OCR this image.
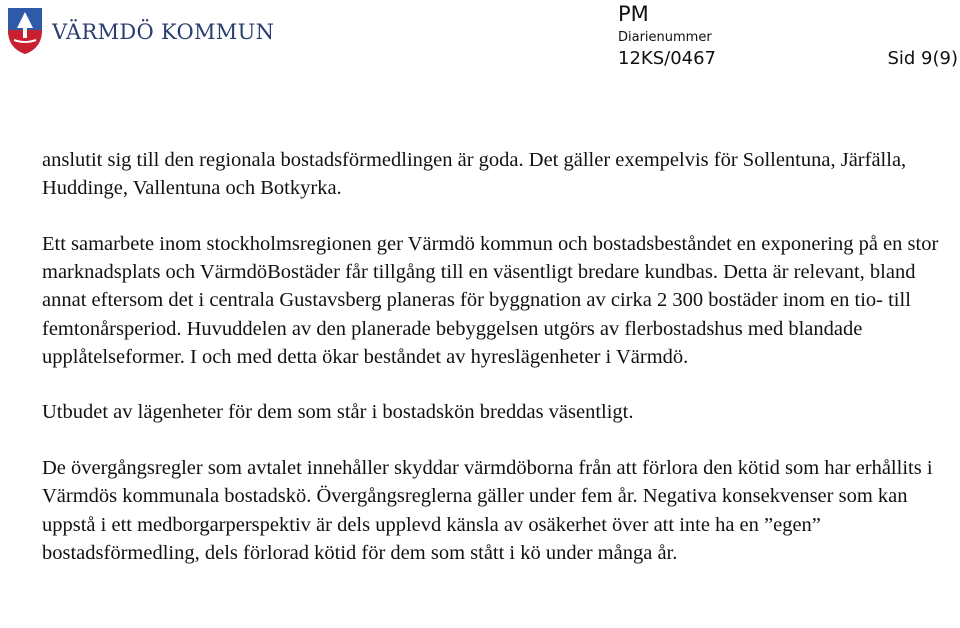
VÄRMDÖ KOMMUN
PM
Diarienummer
12KS/0467	Sid 9(9)

anslutit sig till den regionala bostadsförmedlingen är goda. Det gäller exempelvis för Sollentuna, Järfälla, Huddinge, Vallentuna och Botkyrka.

Ett samarbete inom stockholmsregionen ger Värmdö kommun och bostadsbeståndet en exponering på en stor marknadsplats och VärmdöBostäder får tillgång till en väsentligt bredare kundbas. Detta är relevant, bland annat eftersom det i centrala Gustavsberg planeras för byggnation av cirka 2 300 bostäder inom en tio- till femtonårsperiod. Huvuddelen av den planerade bebyggelsen utgörs av flerbostadshus med blandade upplåtelseformer. I och med detta ökar beståndet av hyreslägenheter i Värmdö.

Utbudet av lägenheter för dem som står i bostadskön breddas väsentligt.

De övergångsregler som avtalet innehåller skyddar värmdöborna från att förlora den kötid som har erhållits i Värmdös kommunala bostadskö. Övergångsreglerna gäller under fem år. Negativa konsekvenser som kan uppstå i ett medborgarperspektiv är dels upplevd känsla av osäkerhet över att inte ha en ”egen” bostadsförmedling, dels förlorad kötid för dem som stått i kö under många år.
